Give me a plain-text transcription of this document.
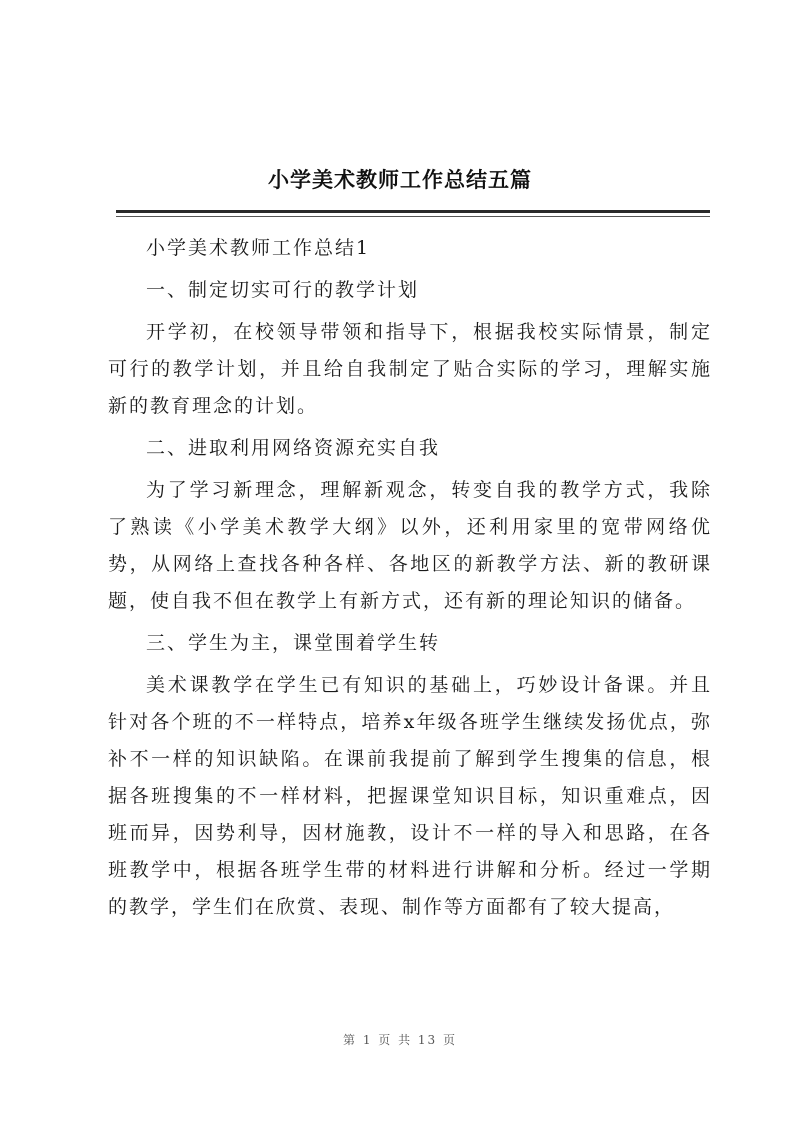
小学美术教师工作总结五篇

小学美术教师工作总结1

一、制定切实可行的教学计划

开学初，在校领导带领和指导下，根据我校实际情景，制定可行的教学计划，并且给自我制定了贴合实际的学习，理解实施新的教育理念的计划。

二、进取利用网络资源充实自我

为了学习新理念，理解新观念，转变自我的教学方式，我除了熟读《小学美术教学大纲》以外，还利用家里的宽带网络优势，从网络上查找各种各样、各地区的新教学方法、新的教研课题，使自我不但在教学上有新方式，还有新的理论知识的储备。

三、学生为主，课堂围着学生转

美术课教学在学生已有知识的基础上，巧妙设计备课。并且针对各个班的不一样特点，培养x年级各班学生继续发扬优点，弥补不一样的知识缺陷。在课前我提前了解到学生搜集的信息，根据各班搜集的不一样材料，把握课堂知识目标，知识重难点，因班而异，因势利导，因材施教，设计不一样的导入和思路，在各班教学中，根据各班学生带的材料进行讲解和分析。经过一学期的教学，学生们在欣赏、表现、制作等方面都有了较大提高，

第 1 页 共 13 页
